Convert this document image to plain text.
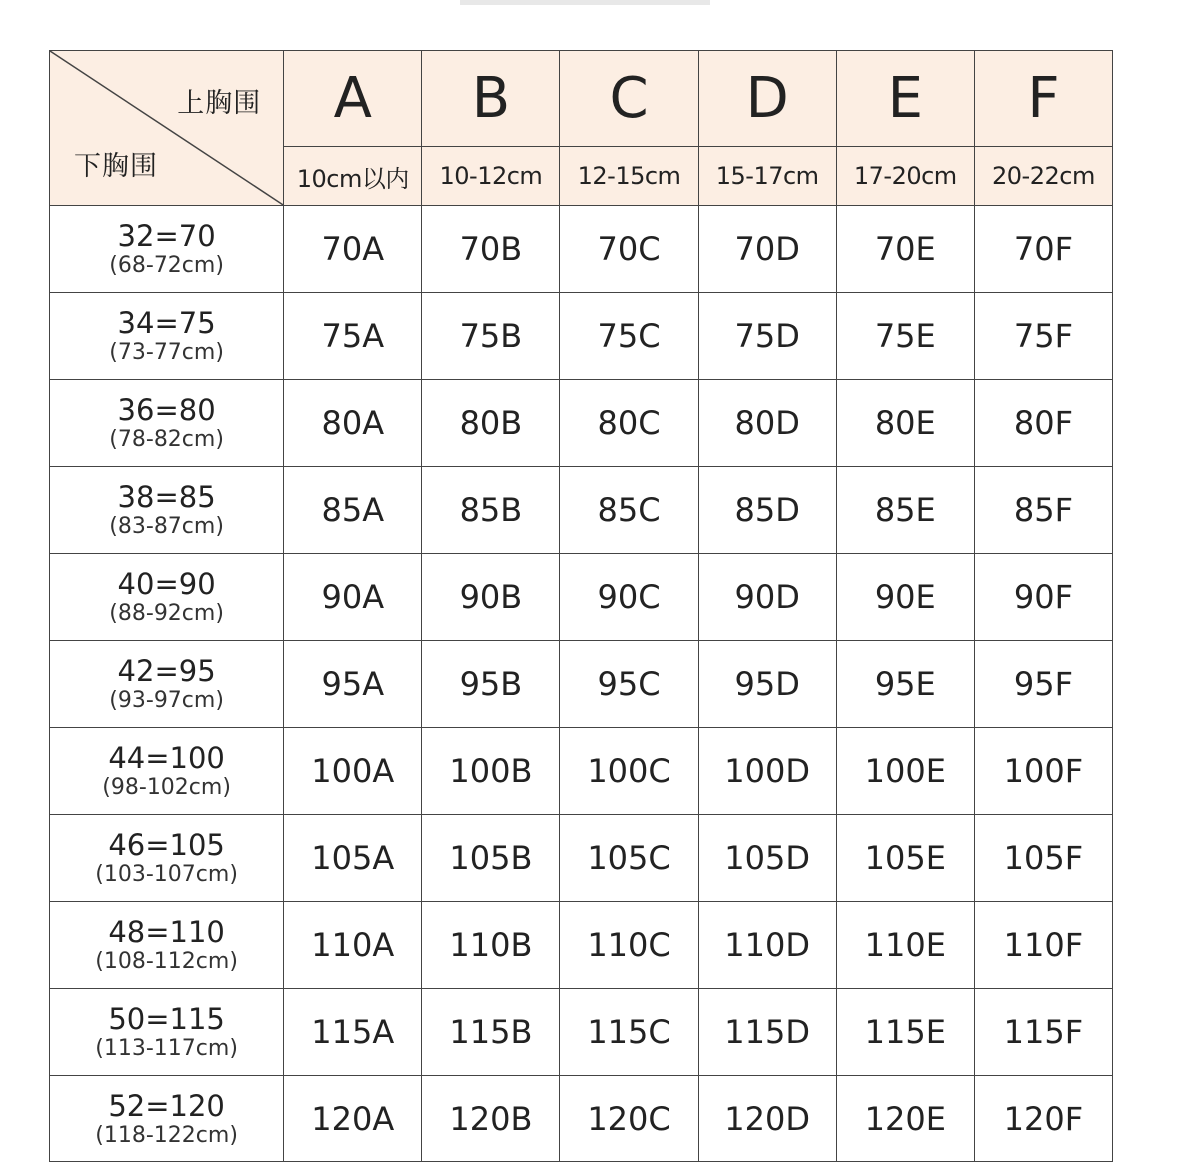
上胸围
下胸围	A	B	C	D	E	F

	10cm以内	10-12cm	12-15cm	15-17cm	17-20cm	20-22cm

32=70
(68-72cm)	70A	70B	70C	70D	70E	70F

34=75
(73-77cm)	75A	75B	75C	75D	75E	75F

36=80
(78-82cm)	80A	80B	80C	80D	80E	80F

38=85
(83-87cm)	85A	85B	85C	85D	85E	85F

40=90
(88-92cm)	90A	90B	90C	90D	90E	90F

42=95
(93-97cm)	95A	95B	95C	95D	95E	95F

44=100
(98-102cm)	100A	100B	100C	100D	100E	100F

46=105
(103-107cm)	105A	105B	105C	105D	105E	105F

48=110
(108-112cm)	110A	110B	110C	110D	110E	110F

50=115
(113-117cm)	115A	115B	115C	115D	115E	115F

52=120
(118-122cm)	120A	120B	120C	120D	120E	120F
